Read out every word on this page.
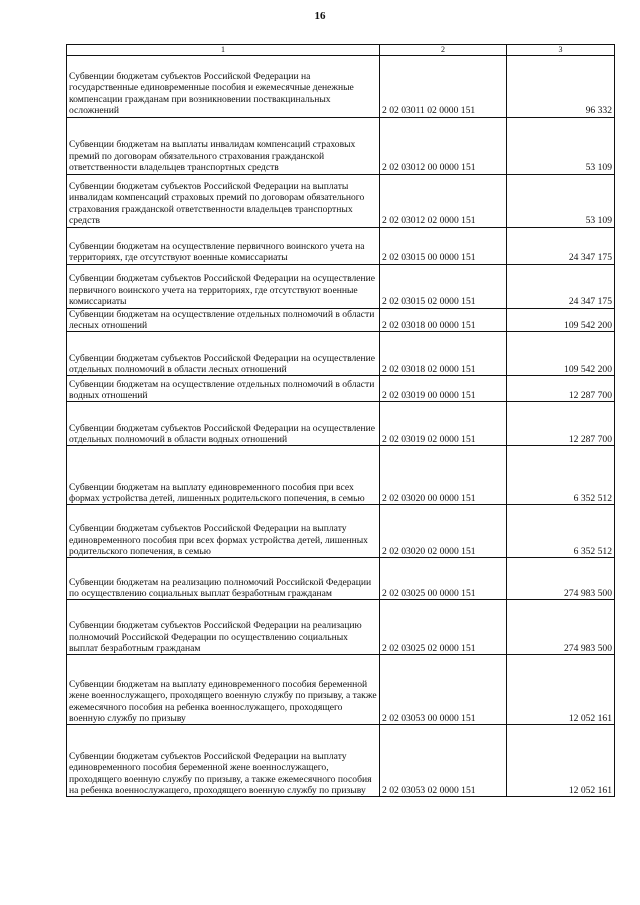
16
1	2	3
Субвенции бюджетам субъектов Российской Федерации на государственные единовременные пособия и ежемесячные денежные компенсации гражданам при возникновении поствакцинальных осложнений	2 02 03011 02 0000 151	96 332
Субвенции бюджетам на выплаты инвалидам компенсаций страховых премий по договорам обязательного страхования гражданской ответственности владельцев транспортных средств	2 02 03012 00 0000 151	53 109
Субвенции бюджетам субъектов Российской Федерации на выплаты инвалидам компенсаций страховых премий по договорам обязательного страхования гражданской ответственности владельцев транспортных средств	2 02 03012 02 0000 151	53 109
Субвенции бюджетам на осуществление первичного воинского учета на территориях, где отсутствуют военные комиссариаты	2 02 03015 00 0000 151	24 347 175
Субвенции бюджетам субъектов Российской Федерации на осуществление первичного воинского учета на территориях, где отсутствуют военные комиссариаты	2 02 03015 02 0000 151	24 347 175
Субвенции бюджетам на осуществление отдельных полномочий в области лесных отношений	2 02 03018 00 0000 151	109 542 200
Субвенции бюджетам субъектов Российской Федерации на осуществление отдельных полномочий в области лесных отношений	2 02 03018 02 0000 151	109 542 200
Субвенции бюджетам на осуществление отдельных полномочий в области водных отношений	2 02 03019 00 0000 151	12 287 700
Субвенции бюджетам субъектов Российской Федерации на осуществление отдельных полномочий в области водных отношений	2 02 03019 02 0000 151	12 287 700
Субвенции бюджетам на выплату единовременного пособия при всех формах устройства детей, лишенных родительского попечения, в семью	2 02 03020 00 0000 151	6 352 512
Субвенции бюджетам субъектов Российской Федерации на выплату единовременного пособия при всех формах устройства детей, лишенных родительского попечения, в семью	2 02 03020 02 0000 151	6 352 512
Субвенции бюджетам на реализацию полномочий Российской Федерации по осуществлению социальных выплат безработным гражданам	2 02 03025 00 0000 151	274 983 500
Субвенции бюджетам субъектов Российской Федерации на реализацию полномочий Российской Федерации по осуществлению социальных выплат безработным гражданам	2 02 03025 02 0000 151	274 983 500
Субвенции бюджетам на выплату единовременного пособия беременной жене военнослужащего, проходящего военную службу по призыву, а также ежемесячного пособия на ребенка военнослужащего, проходящего военную службу по призыву	2 02 03053 00 0000 151	12 052 161
Субвенции бюджетам субъектов Российской Федерации на выплату единовременного пособия беременной жене военнослужащего, проходящего военную службу по призыву, а также ежемесячного пособия на ребенка военнослужащего, проходящего военную службу по призыву	2 02 03053 02 0000 151	12 052 161
